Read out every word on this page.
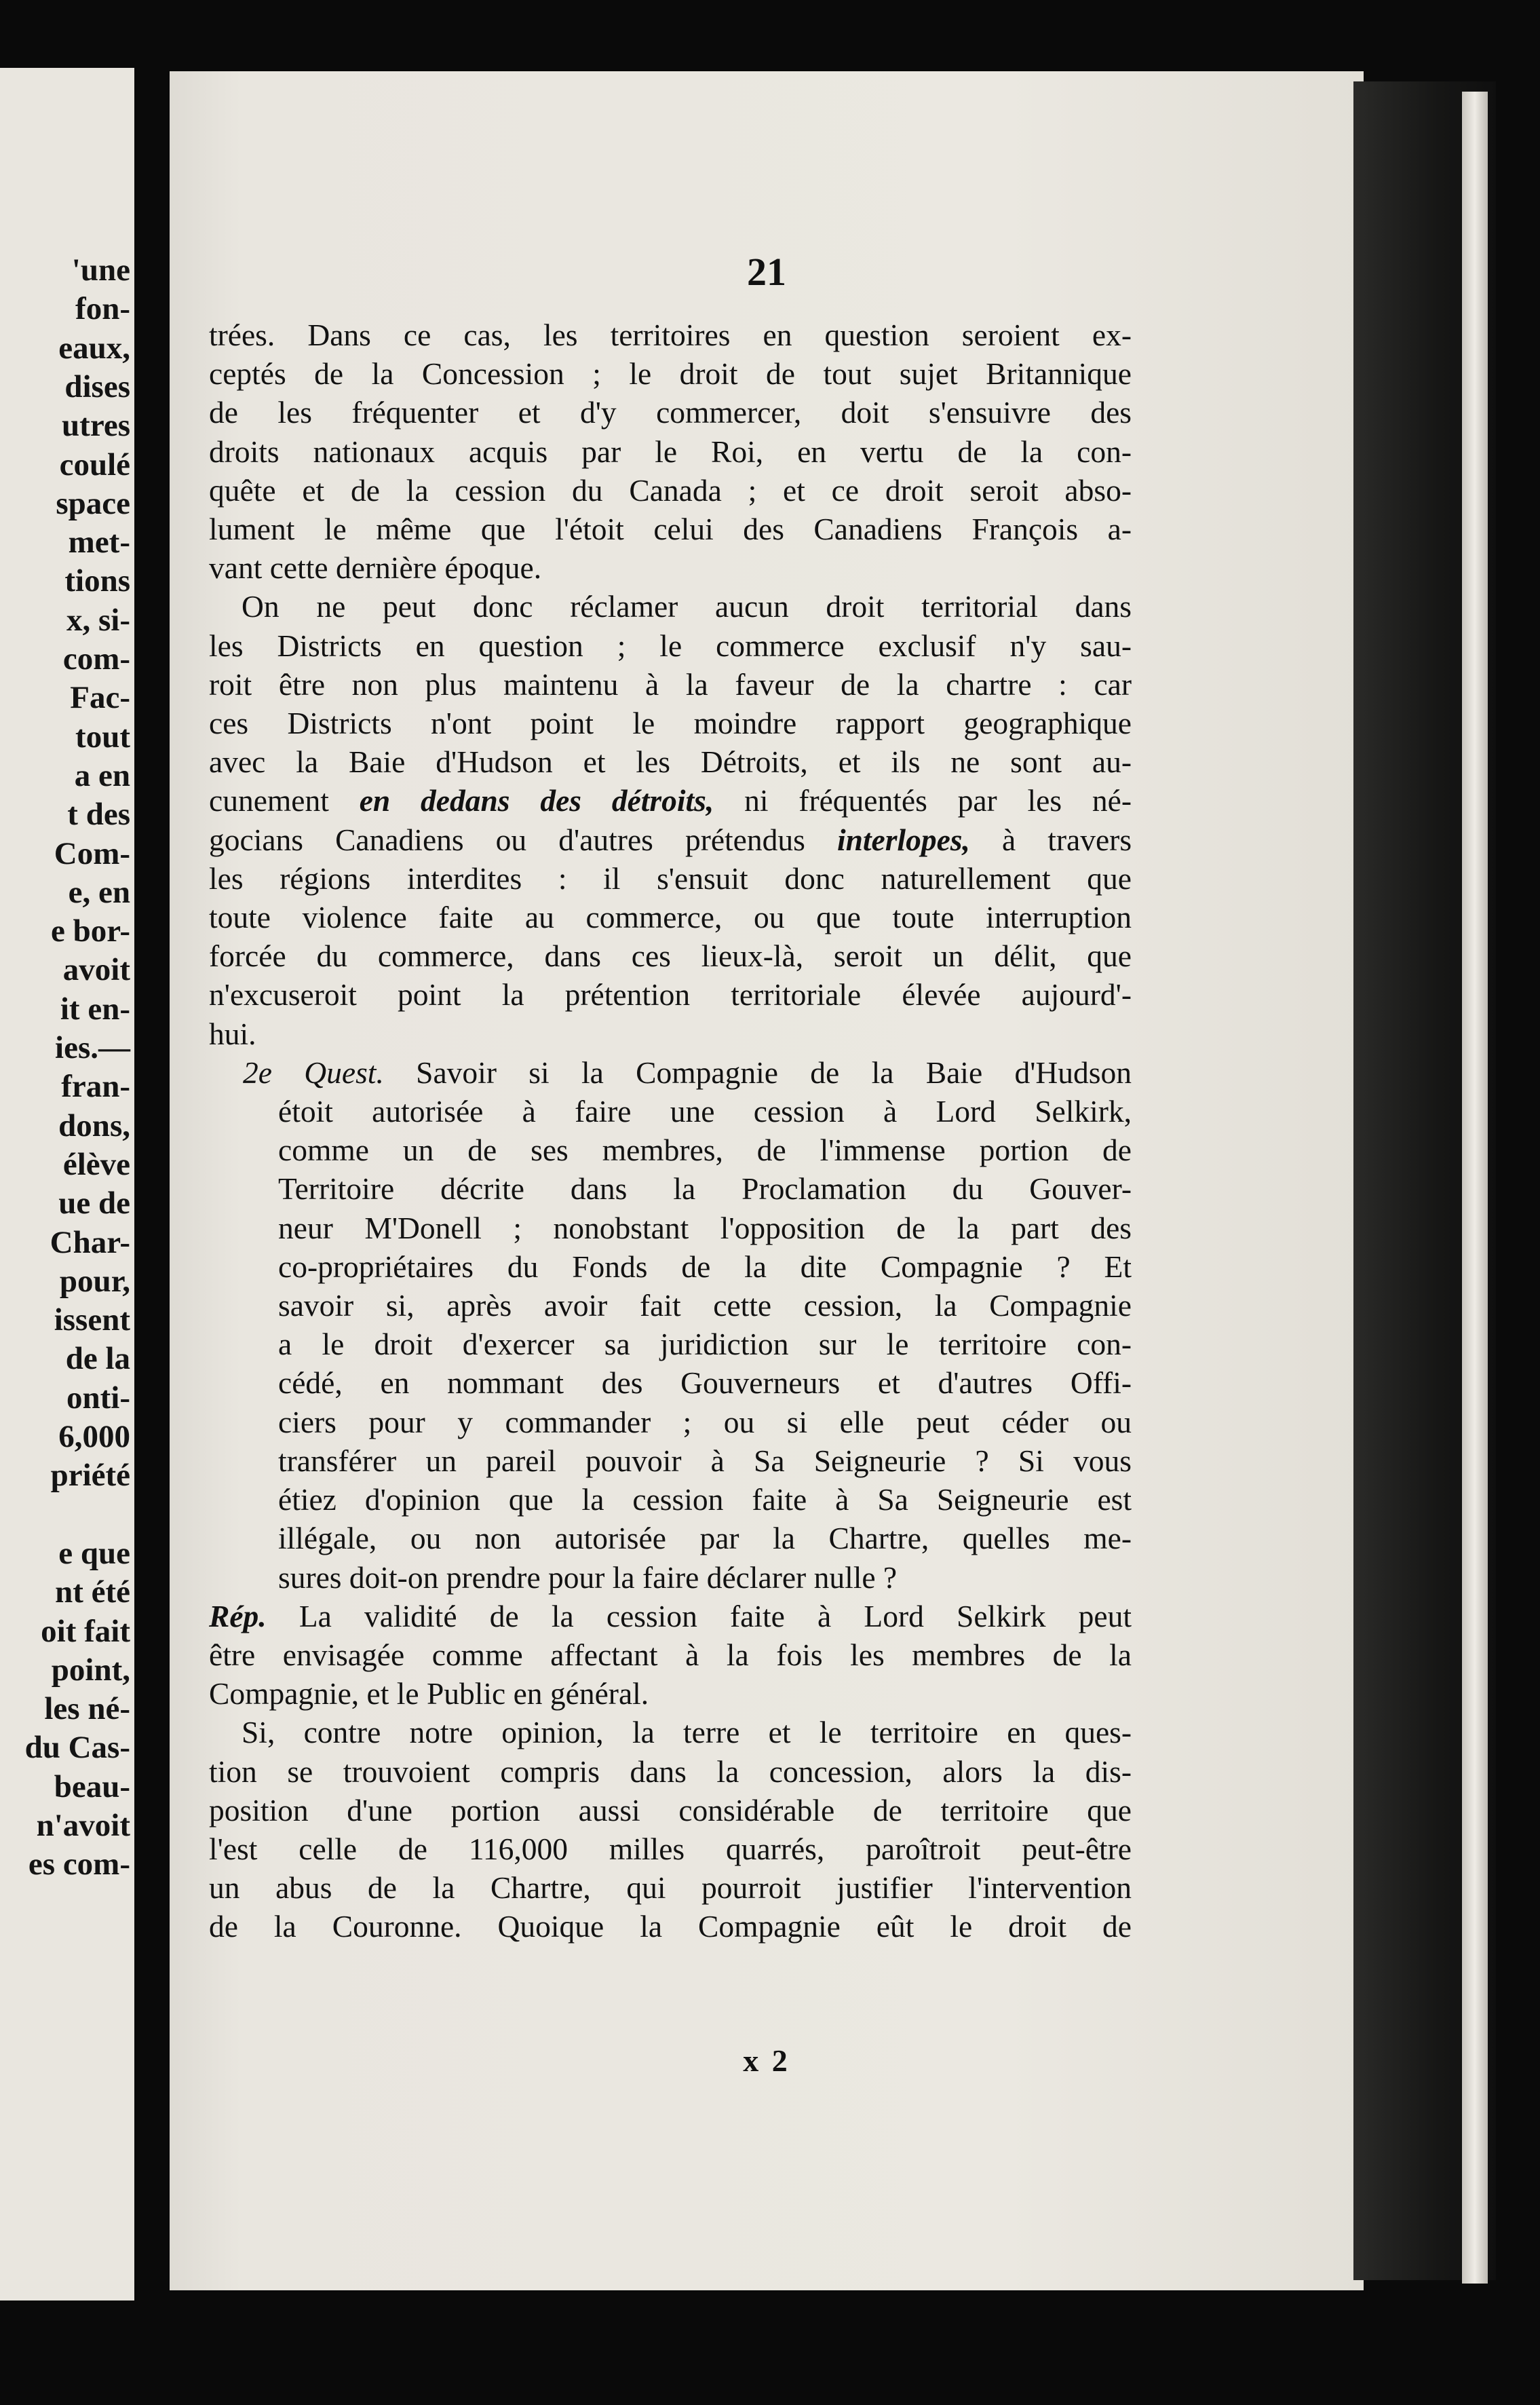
'une
fon-
eaux,
dises
utres
coulé
space
met-
tions
x, si-
com-
Fac-
tout
a en
t des
Com-
e, en
e bor-
avoit
it en-
ies.—
fran-
dons,
élève
ue de
Char-
pour,
issent
de la
onti-
6,000
priété
e que
nt été
oit fait
point,
les né-
du Cas-
beau-
n'avoit
es com-
21
trées. Dans ce cas, les territoires en question seroient ex-
ceptés de la Concession ; le droit de tout sujet Britannique
de les fréquenter et d'y commercer, doit s'ensuivre des
droits nationaux acquis par le Roi, en vertu de la con-
quête et de la cession du Canada ; et ce droit seroit abso-
lument le même que l'étoit celui des Canadiens François a-
vant cette dernière époque.
On ne peut donc réclamer aucun droit territorial dans
les Districts en question ; le commerce exclusif n'y sau-
roit être non plus maintenu à la faveur de la chartre : car
ces Districts n'ont point le moindre rapport geographique
avec la Baie d'Hudson et les Détroits, et ils ne sont au-
cunement en dedans des détroits, ni fréquentés par les né-
gocians Canadiens ou d'autres prétendus interlopes, à travers
les régions interdites : il s'ensuit donc naturellement que
toute violence faite au commerce, ou que toute interruption
forcée du commerce, dans ces lieux-là, seroit un délit, que
n'excuseroit point la prétention territoriale élevée aujourd'-
hui.
2e Quest. Savoir si la Compagnie de la Baie d'Hudson
étoit autorisée à faire une cession à Lord Selkirk,
comme un de ses membres, de l'immense portion de
Territoire décrite dans la Proclamation du Gouver-
neur M'Donell ; nonobstant l'opposition de la part des
co-propriétaires du Fonds de la dite Compagnie ? Et
savoir si, après avoir fait cette cession, la Compagnie
a le droit d'exercer sa juridiction sur le territoire con-
cédé, en nommant des Gouverneurs et d'autres Offi-
ciers pour y commander ; ou si elle peut céder ou
transférer un pareil pouvoir à Sa Seigneurie ? Si vous
étiez d'opinion que la cession faite à Sa Seigneurie est
illégale, ou non autorisée par la Chartre, quelles me-
sures doit-on prendre pour la faire déclarer nulle ?
Rép. La validité de la cession faite à Lord Selkirk peut
être envisagée comme affectant à la fois les membres de la
Compagnie, et le Public en général.
Si, contre notre opinion, la terre et le territoire en ques-
tion se trouvoient compris dans la concession, alors la dis-
position d'une portion aussi considérable de territoire que
l'est celle de 116,000 milles quarrés, paroîtroit peut-être
un abus de la Chartre, qui pourroit justifier l'intervention
de la Couronne. Quoique la Compagnie eût le droit de
x 2
